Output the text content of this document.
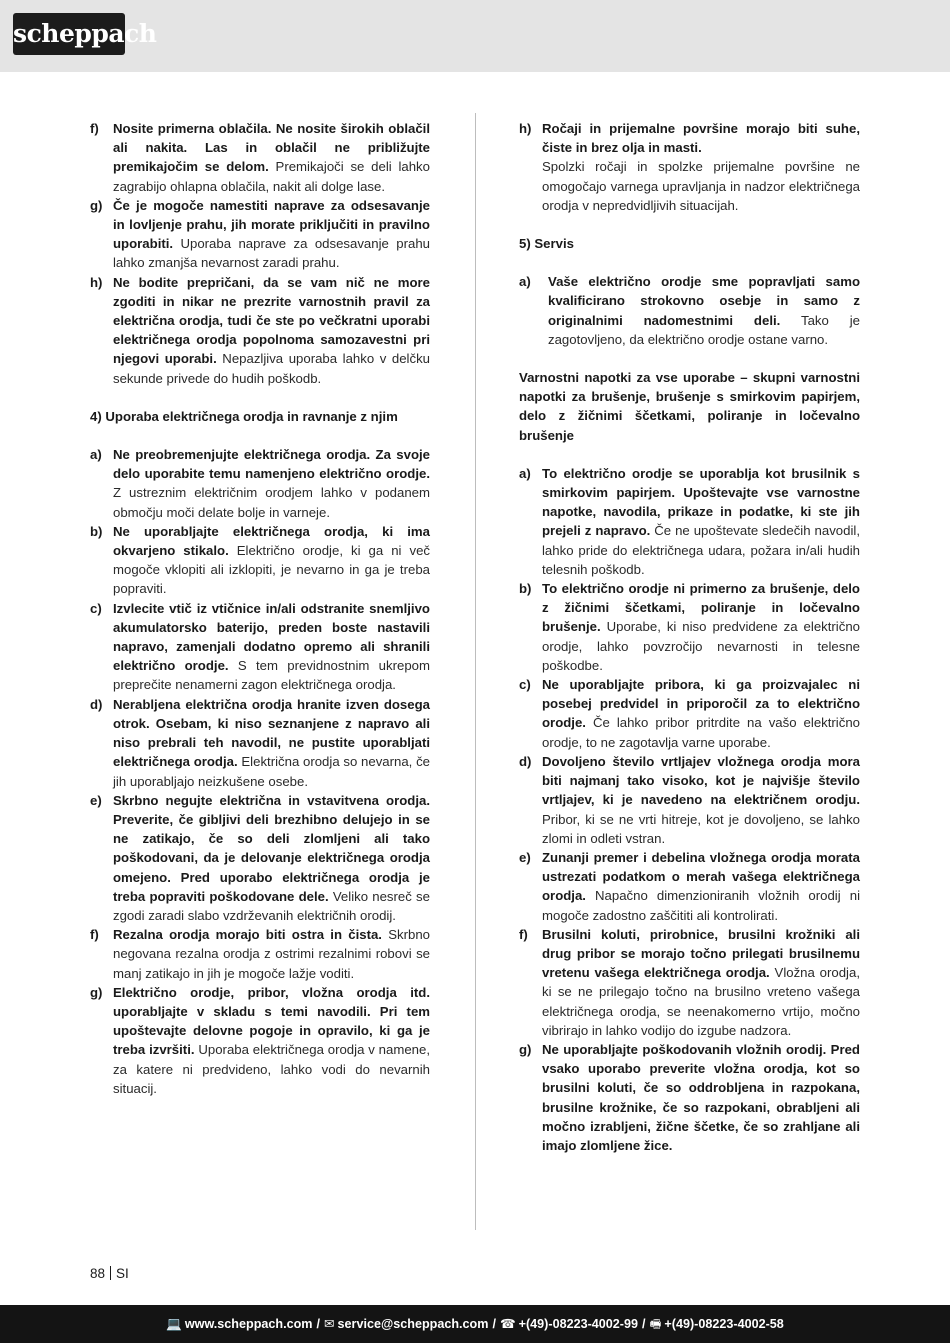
scheppach
f) Nosite primerna oblačila. Ne nosite širokih oblačil ali nakita. Las in oblačil ne približujte premikajočim se delom. Premikajoči se deli lahko zagrabijo ohlapna oblačila, nakit ali dolge lase.
g) Če je mogoče namestiti naprave za odsesavanje in lovljenje prahu, jih morate priključiti in pravilno uporabiti. Uporaba naprave za odsesavanje prahu lahko zmanjša nevarnost zaradi prahu.
h) Ne bodite prepričani, da se vam nič ne more zgoditi in nikar ne prezrite varnostnih pravil za električna orodja, tudi če ste po večkratni uporabi električnega orodja popolnoma samozavestni pri njegovi uporabi. Nepazljiva uporaba lahko v delčku sekunde privede do hudih poškodb.
4) Uporaba električnega orodja in ravnanje z njim
a) Ne preobremenjujte električnega orodja. Za svoje delo uporabite temu namenjeno električno orodje. Z ustreznim električnim orodjem lahko v podanem območju moči delate bolje in varneje.
b) Ne uporabljajte električnega orodja, ki ima okvarjeno stikalo. Električno orodje, ki ga ni več mogoče vklopiti ali izklopiti, je nevarno in ga je treba popraviti.
c) Izvlecite vtič iz vtičnice in/ali odstranite snemljivo akumulatorsko baterijo, preden boste nastavili napravo, zamenjali dodatno opremo ali shranili električno orodje. S tem previdnostnim ukrepom preprečite nenamerni zagon električnega orodja.
d) Nerabljena električna orodja hranite izven dosega otrok. Osebam, ki niso seznanjene z napravo ali niso prebrali teh navodil, ne pustite uporabljati električnega orodja. Električna orodja so nevarna, če jih uporabljajo neizkušene osebe.
e) Skrbno negujte električna in vstavitvena orodja. Preverite, če gibljivi deli brezhibno delujejo in se ne zatikajo, če so deli zlomljeni ali tako poškodovani, da je delovanje električnega orodja omejeno. Pred uporabo električnega orodja je treba popraviti poškodovane dele. Veliko nesreč se zgodi zaradi slabo vzdrževanih električnih orodij.
f) Rezalna orodja morajo biti ostra in čista. Skrbno negovana rezalna orodja z ostrimi rezalnimi robovi se manj zatikajo in jih je mogoče lažje voditi.
g) Električno orodje, pribor, vložna orodja itd. uporabljajte v skladu s temi navodili. Pri tem upoštevajte delovne pogoje in opravilo, ki ga je treba izvršiti. Uporaba električnega orodja v namene, za katere ni predvideno, lahko vodi do nevarnih situacij.
h) Ročaji in prijemalne površine morajo biti suhe, čiste in brez olja in masti.
Spolzki ročaji in spolzke prijemalne površine ne omogočajo varnega upravljanja in nadzor električnega orodja v nepredvidljivih situacijah.
5) Servis
a) Vaše električno orodje sme popravljati samo kvalificirano strokovno osebje in samo z originalnimi nadomestnimi deli. Tako je zagotovljeno, da električno orodje ostane varno.
Varnostni napotki za vse uporabe – skupni varnostni napotki za brušenje, brušenje s smirkovim papirjem, delo z žičnimi ščetkami, poliranje in ločevalno brušenje
a) To električno orodje se uporablja kot brusilnik s smirkovim papirjem. Upoštevajte vse varnostne napotke, navodila, prikaze in podatke, ki ste jih prejeli z napravo. Če ne upoštevate sledečih navodil, lahko pride do električnega udara, požara in/ali hudih telesnih poškodb.
b) To električno orodje ni primerno za brušenje, delo z žičnimi ščetkami, poliranje in ločevalno brušenje. Uporabe, ki niso predvidene za električno orodje, lahko povzročijo nevarnosti in telesne poškodbe.
c) Ne uporabljajte pribora, ki ga proizvajalec ni posebej predvidel in priporočil za to električno orodje. Če lahko pribor pritrdite na vašo električno orodje, to ne zagotavlja varne uporabe.
d) Dovoljeno število vrtljajev vložnega orodja mora biti najmanj tako visoko, kot je najvišje število vrtljajev, ki je navedeno na električnem orodju. Pribor, ki se ne vrti hitreje, kot je dovoljeno, se lahko zlomi in odleti vstran.
e) Zunanji premer i debelina vložnega orodja morata ustrezati podatkom o merah vašega električnega orodja. Napačno dimenzioniranih vložnih orodij ni mogoče zadostno zaščititi ali kontrolirati.
f) Brusilni koluti, prirobnice, brusilni krožniki ali drug pribor se morajo točno prilegati brusilnemu vretenu vašega električnega orodja. Vložna orodja, ki se ne prilegajo točno na brusilno vreteno vašega električnega orodja, se neenakomerno vrtijo, močno vibrirajo in lahko vodijo do izgube nadzora.
g) Ne uporabljajte poškodovanih vložnih orodij. Pred vsako uporabo preverite vložna orodja, kot so brusilni koluti, če so oddrobljena in razpokana, brusilne krožnike, če so razpokani, obrabljeni ali močno izrabljeni, žične ščetke, če so zrahljane ali imajo zlomljene žice.
88 SI
💻 www.scheppach.com / ✉ service@scheppach.com / ☎ +(49)-08223-4002-99 / 🖷 +(49)-08223-4002-58
